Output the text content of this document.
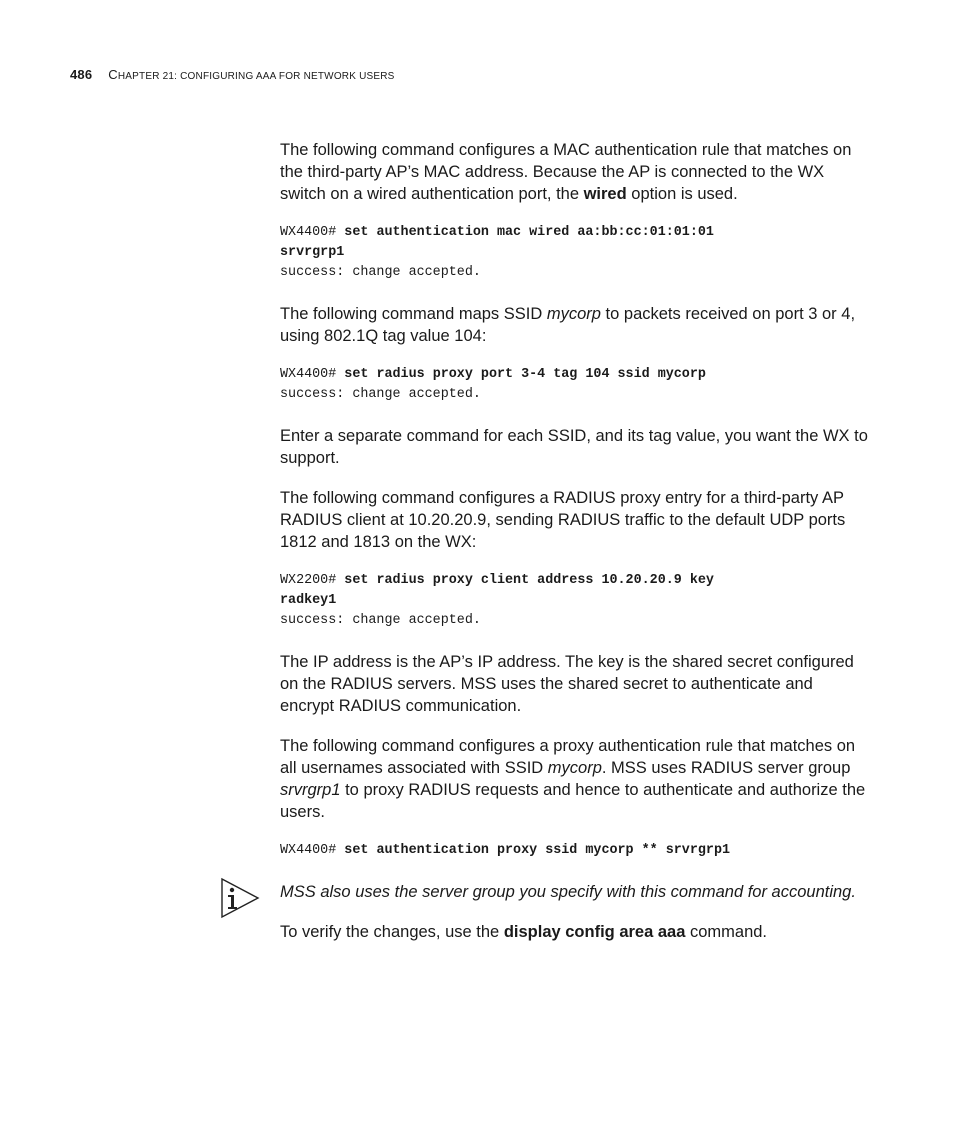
486 CHAPTER 21: CONFIGURING AAA FOR NETWORK USERS

The following command configures a MAC authentication rule that matches on the third-party AP’s MAC address. Because the AP is connected to the WX switch on a wired authentication port, the wired option is used.

WX4400# set authentication mac wired aa:bb:cc:01:01:01
srvrgrp1
success: change accepted.

The following command maps SSID mycorp to packets received on port 3 or 4, using 802.1Q tag value 104:

WX4400# set radius proxy port 3-4 tag 104 ssid mycorp
success: change accepted.

Enter a separate command for each SSID, and its tag value, you want the WX to support.

The following command configures a RADIUS proxy entry for a third-party AP RADIUS client at 10.20.20.9, sending RADIUS traffic to the default UDP ports 1812 and 1813 on the WX:

WX2200# set radius proxy client address 10.20.20.9 key
radkey1
success: change accepted.

The IP address is the AP’s IP address. The key is the shared secret configured on the RADIUS servers. MSS uses the shared secret to authenticate and encrypt RADIUS communication.

The following command configures a proxy authentication rule that matches on all usernames associated with SSID mycorp. MSS uses RADIUS server group srvrgrp1 to proxy RADIUS requests and hence to authenticate and authorize the users.

WX4400# set authentication proxy ssid mycorp ** srvrgrp1

MSS also uses the server group you specify with this command for accounting.

To verify the changes, use the display config area aaa command.
